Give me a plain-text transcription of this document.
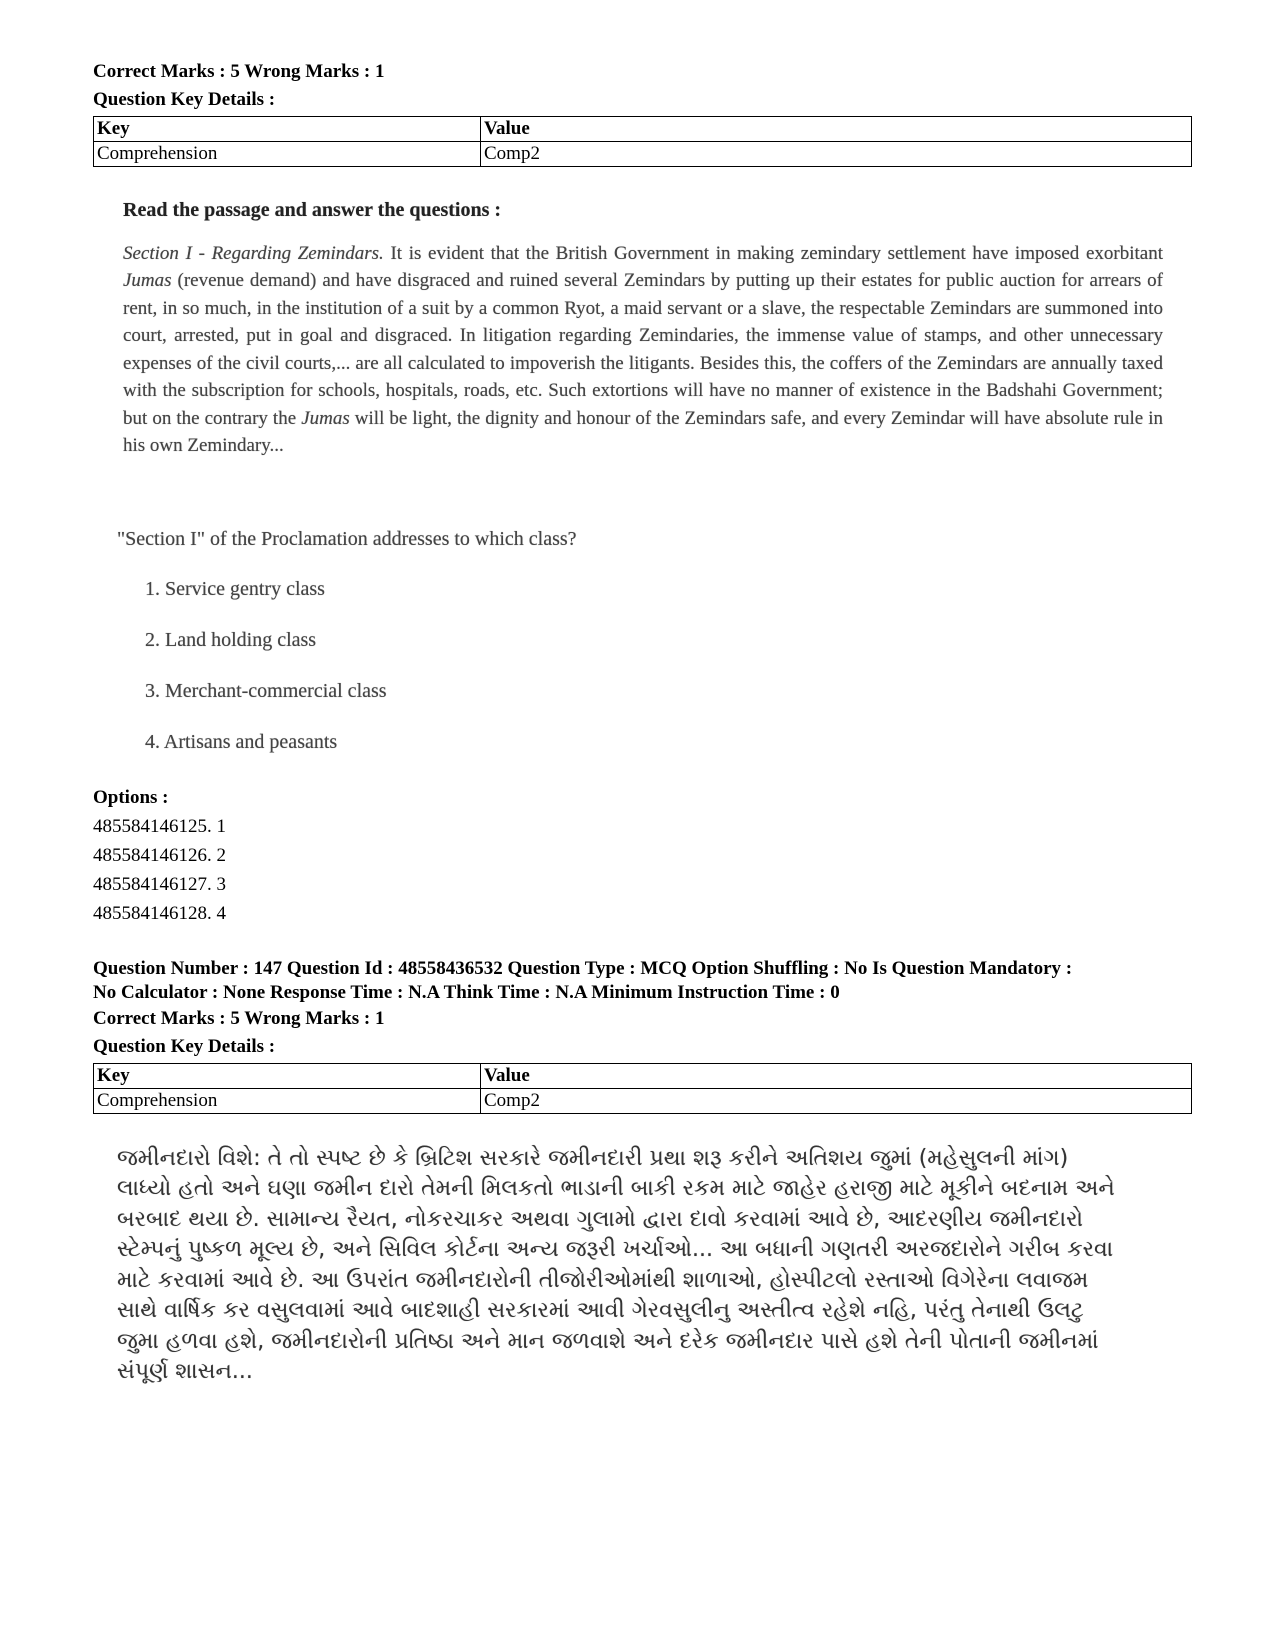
Correct Marks : 5 Wrong Marks : 1
Question Key Details :
Key	Value
Comprehension	Comp2
Read the passage and answer the questions :
Section I - Regarding Zemindars. It is evident that the British Government in making zemindary settlement have imposed exorbitant Jumas (revenue demand) and have disgraced and ruined several Zemindars by putting up their estates for public auction for arrears of rent, in so much, in the institution of a suit by a common Ryot, a maid servant or a slave, the respectable Zemindars are summoned into court, arrested, put in goal and disgraced. In litigation regarding Zemindaries, the immense value of stamps, and other unnecessary expenses of the civil courts,... are all calculated to impoverish the litigants. Besides this, the coffers of the Zemindars are annually taxed with the subscription for schools, hospitals, roads, etc. Such extortions will have no manner of existence in the Badshahi Government; but on the contrary the Jumas will be light, the dignity and honour of the Zemindars safe, and every Zemindar will have absolute rule in his own Zemindary...

"Section I" of the Proclamation addresses to which class?

1. Service gentry class

2. Land holding class

3. Merchant-commercial class

4. Artisans and peasants

Options :
485584146125. 1
485584146126. 2
485584146127. 3
485584146128. 4
Question Number : 147 Question Id : 48558436532 Question Type : MCQ Option Shuffling : No Is Question Mandatory :
No Calculator : None Response Time : N.A Think Time : N.A Minimum Instruction Time : 0
Correct Marks : 5 Wrong Marks : 1
Question Key Details :
Key	Value
Comprehension	Comp2
જમીનદારો વિશે: તે તો સ્પષ્ટ છે કે બ્રિટિશ સરકારે જમીનદારી પ્રથા શરૂ કરીને અતિશય જુમાં (મહેસુલની માંગ) લાધ્યો હતો અને ઘણા જમીન દારો તેમની મિલકતો ભાડાની બાકી રકમ માટે જાહેર હરાજી માટે મૂકીને બદનામ અને બરબાદ થયા છે. સામાન્ય રૈયત, નોકરચાકર અથવા ગુલામો દ્વારા દાવો કરવામાં આવે છે, આદરણીય જમીનદારો સ્ટેમ્પનું પુષ્કળ મૂલ્ય છે, અને સિવિલ કોર્ટના અન્ય જરૂરી ખર્ચાઓ... આ બધાની ગણતરી અરજદારોને ગરીબ કરવા માટે કરવામાં આવે છે. આ ઉપરાંત જમીનદારોની તીજોરીઓમાંથી શાળાઓ, હોસ્પીટલો રસ્તાઓ વિગેરેના લવાજમ સાથે વાર્ષિક કર વસુલવામાં આવે બાદશાહી સરકારમાં આવી ગેરવસુલીનુ અસ્તીત્વ રહેશે નહિ, પરંતુ તેનાથી ઉલટુ જુમા હળવા હશે, જમીનદારોની પ્રતિષ્ઠા અને માન જળવાશે અને દરેક જમીનદાર પાસે હશે તેની પોતાની જમીનમાં સંપૂર્ણ શાસન...
